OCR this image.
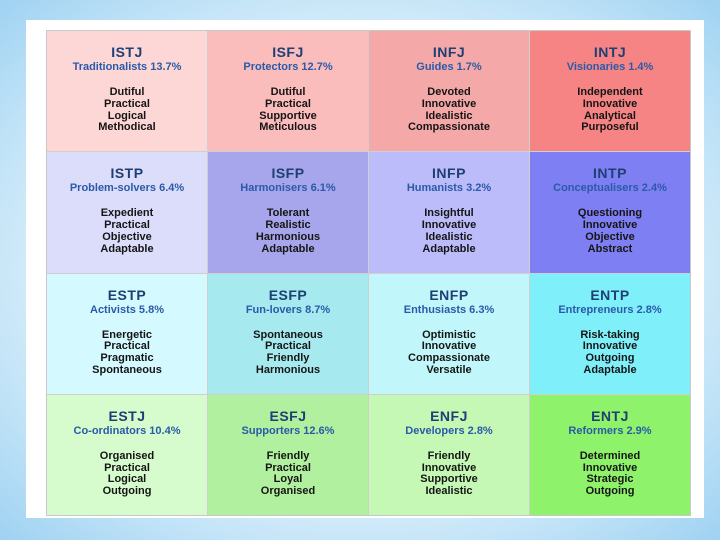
ISTJ
Traditionalists 13.7%
Dutiful
Practical
Logical
Methodical
ISFJ
Protectors 12.7%
Dutiful
Practical
Supportive
Meticulous
INFJ
Guides 1.7%
Devoted
Innovative
Idealistic
Compassionate
INTJ
Visionaries 1.4%
Independent
Innovative
Analytical
Purposeful
ISTP
Problem-solvers 6.4%
Expedient
Practical
Objective
Adaptable
ISFP
Harmonisers 6.1%
Tolerant
Realistic
Harmonious
Adaptable
INFP
Humanists 3.2%
Insightful
Innovative
Idealistic
Adaptable
INTP
Conceptualisers 2.4%
Questioning
Innovative
Objective
Abstract
ESTP
Activists 5.8%
Energetic
Practical
Pragmatic
Spontaneous
ESFP
Fun-lovers 8.7%
Spontaneous
Practical
Friendly
Harmonious
ENFP
Enthusiasts 6.3%
Optimistic
Innovative
Compassionate
Versatile
ENTP
Entrepreneurs 2.8%
Risk-taking
Innovative
Outgoing
Adaptable
ESTJ
Co-ordinators 10.4%
Organised
Practical
Logical
Outgoing
ESFJ
Supporters 12.6%
Friendly
Practical
Loyal
Organised
ENFJ
Developers 2.8%
Friendly
Innovative
Supportive
Idealistic
ENTJ
Reformers 2.9%
Determined
Innovative
Strategic
Outgoing
